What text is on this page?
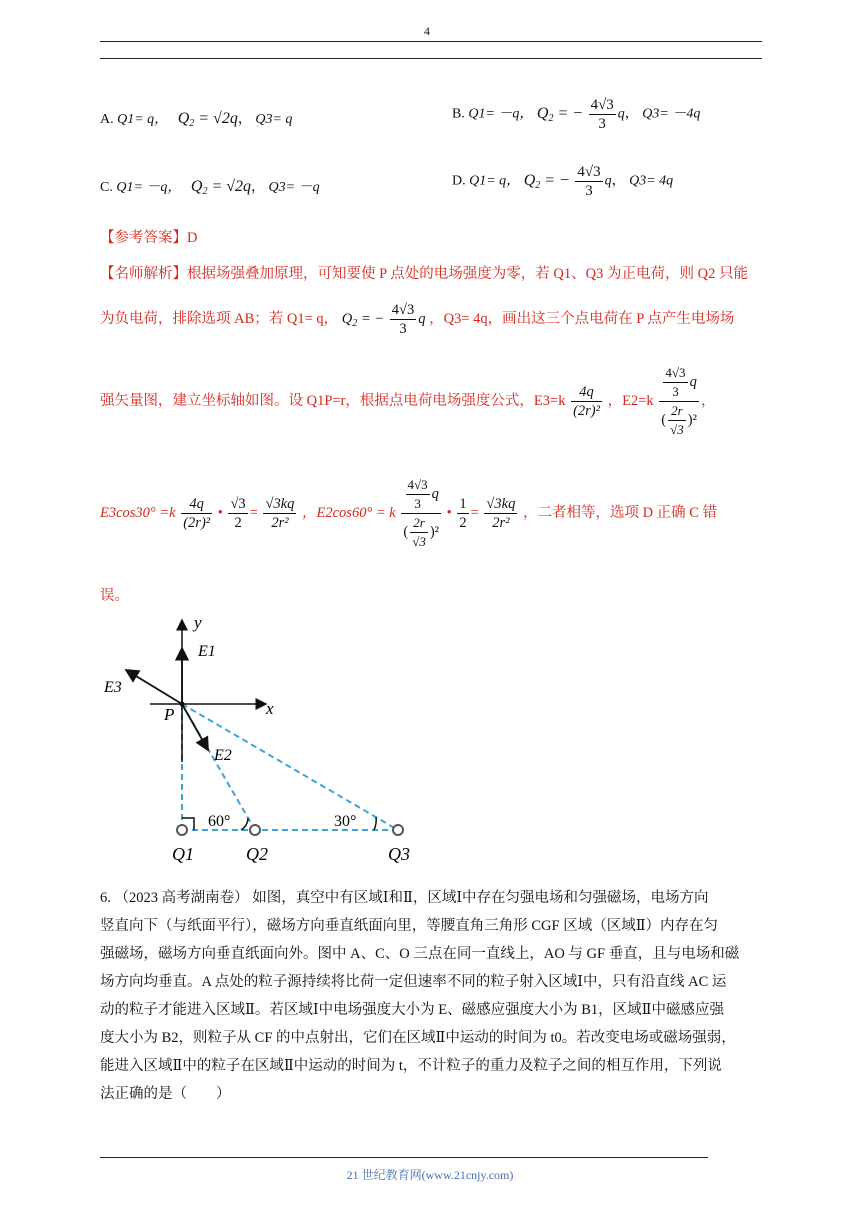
4
A. Q1= q， $Q_2 = √2q$， Q3= q	B. Q1= －q， $Q_2$ = − $\frac{4√3}{3}$ q， Q3= －4q
C. Q1= －q， $Q_2 = √2q$， Q3= －q	D. Q1= q， $Q_2$ = − $\frac{4√3}{3}$ q， Q3= 4q
【参考答案】D
【名师解析】根据场强叠加原理，可知要使 P 点处的电场强度为零，若 Q1、Q3 为正电荷，则 Q2 只能
为负电荷，排除选项 AB；若 Q1= q， $Q_2$ = − $\frac{4√3}{3}$ q ，Q3= 4q，画出这三个点电荷在 P 点产生电场场
强矢量图，建立坐标轴如图。设 Q1P=r，根据点电荷电场强度公式，$E3=k \frac{4q}{\text{(2r)²}}$ ，$E2=k \frac{\frac{4√3}{3} q}{( \frac{2r}{√3} )^2}$ ，
$E3\cos 30^\circ =k \frac{4q}{\text{(2r)²}}$ • $\frac{√3}{2} = \frac{√3kq}{\text{2r²}}$ ，E2cos60° = k $\frac{\frac{4√3}{3} q}{( \frac{2r}{√3} )^2}$ • $\frac{1}{2} = \frac{√3kq}{\text{2r²}}$ ，二者相等，选项 D 正确 C 错
误。
y
x
P
E1
E3
E2
60°	30°
Q1	Q2	Q3
6. （2023 高考湖南卷） 如图，真空中有区域Ⅰ和Ⅱ，区域Ⅰ中存在匀强电场和匀强磁场，电场方向
竖直向下（与纸面平行），磁场方向垂直纸面向里，等腰直角三角形 CGF 区域（区域Ⅱ）内存在匀
强磁场，磁场方向垂直纸面向外。图中 A、C、O 三点在同一直线上，AO 与 GF 垂直，且与电场和磁
场方向均垂直。A 点处的粒子源持续将比荷一定但速率不同的粒子射入区域Ⅰ中，只有沿直线 AC 运
动的粒子才能进入区域Ⅱ。若区域Ⅰ中电场强度大小为 E、磁感应强度大小为 B1，区域Ⅱ中磁感应强
度大小为 B2，则粒子从 CF 的中点射出，它们在区域Ⅱ中运动的时间为 t0。若改变电场或磁场强弱，
能进入区域Ⅱ中的粒子在区域Ⅱ中运动的时间为 t，不计粒子的重力及粒子之间的相互作用，下列说
法正确的是（　　）
21 世纪教育网(www.21cnjy.com)
